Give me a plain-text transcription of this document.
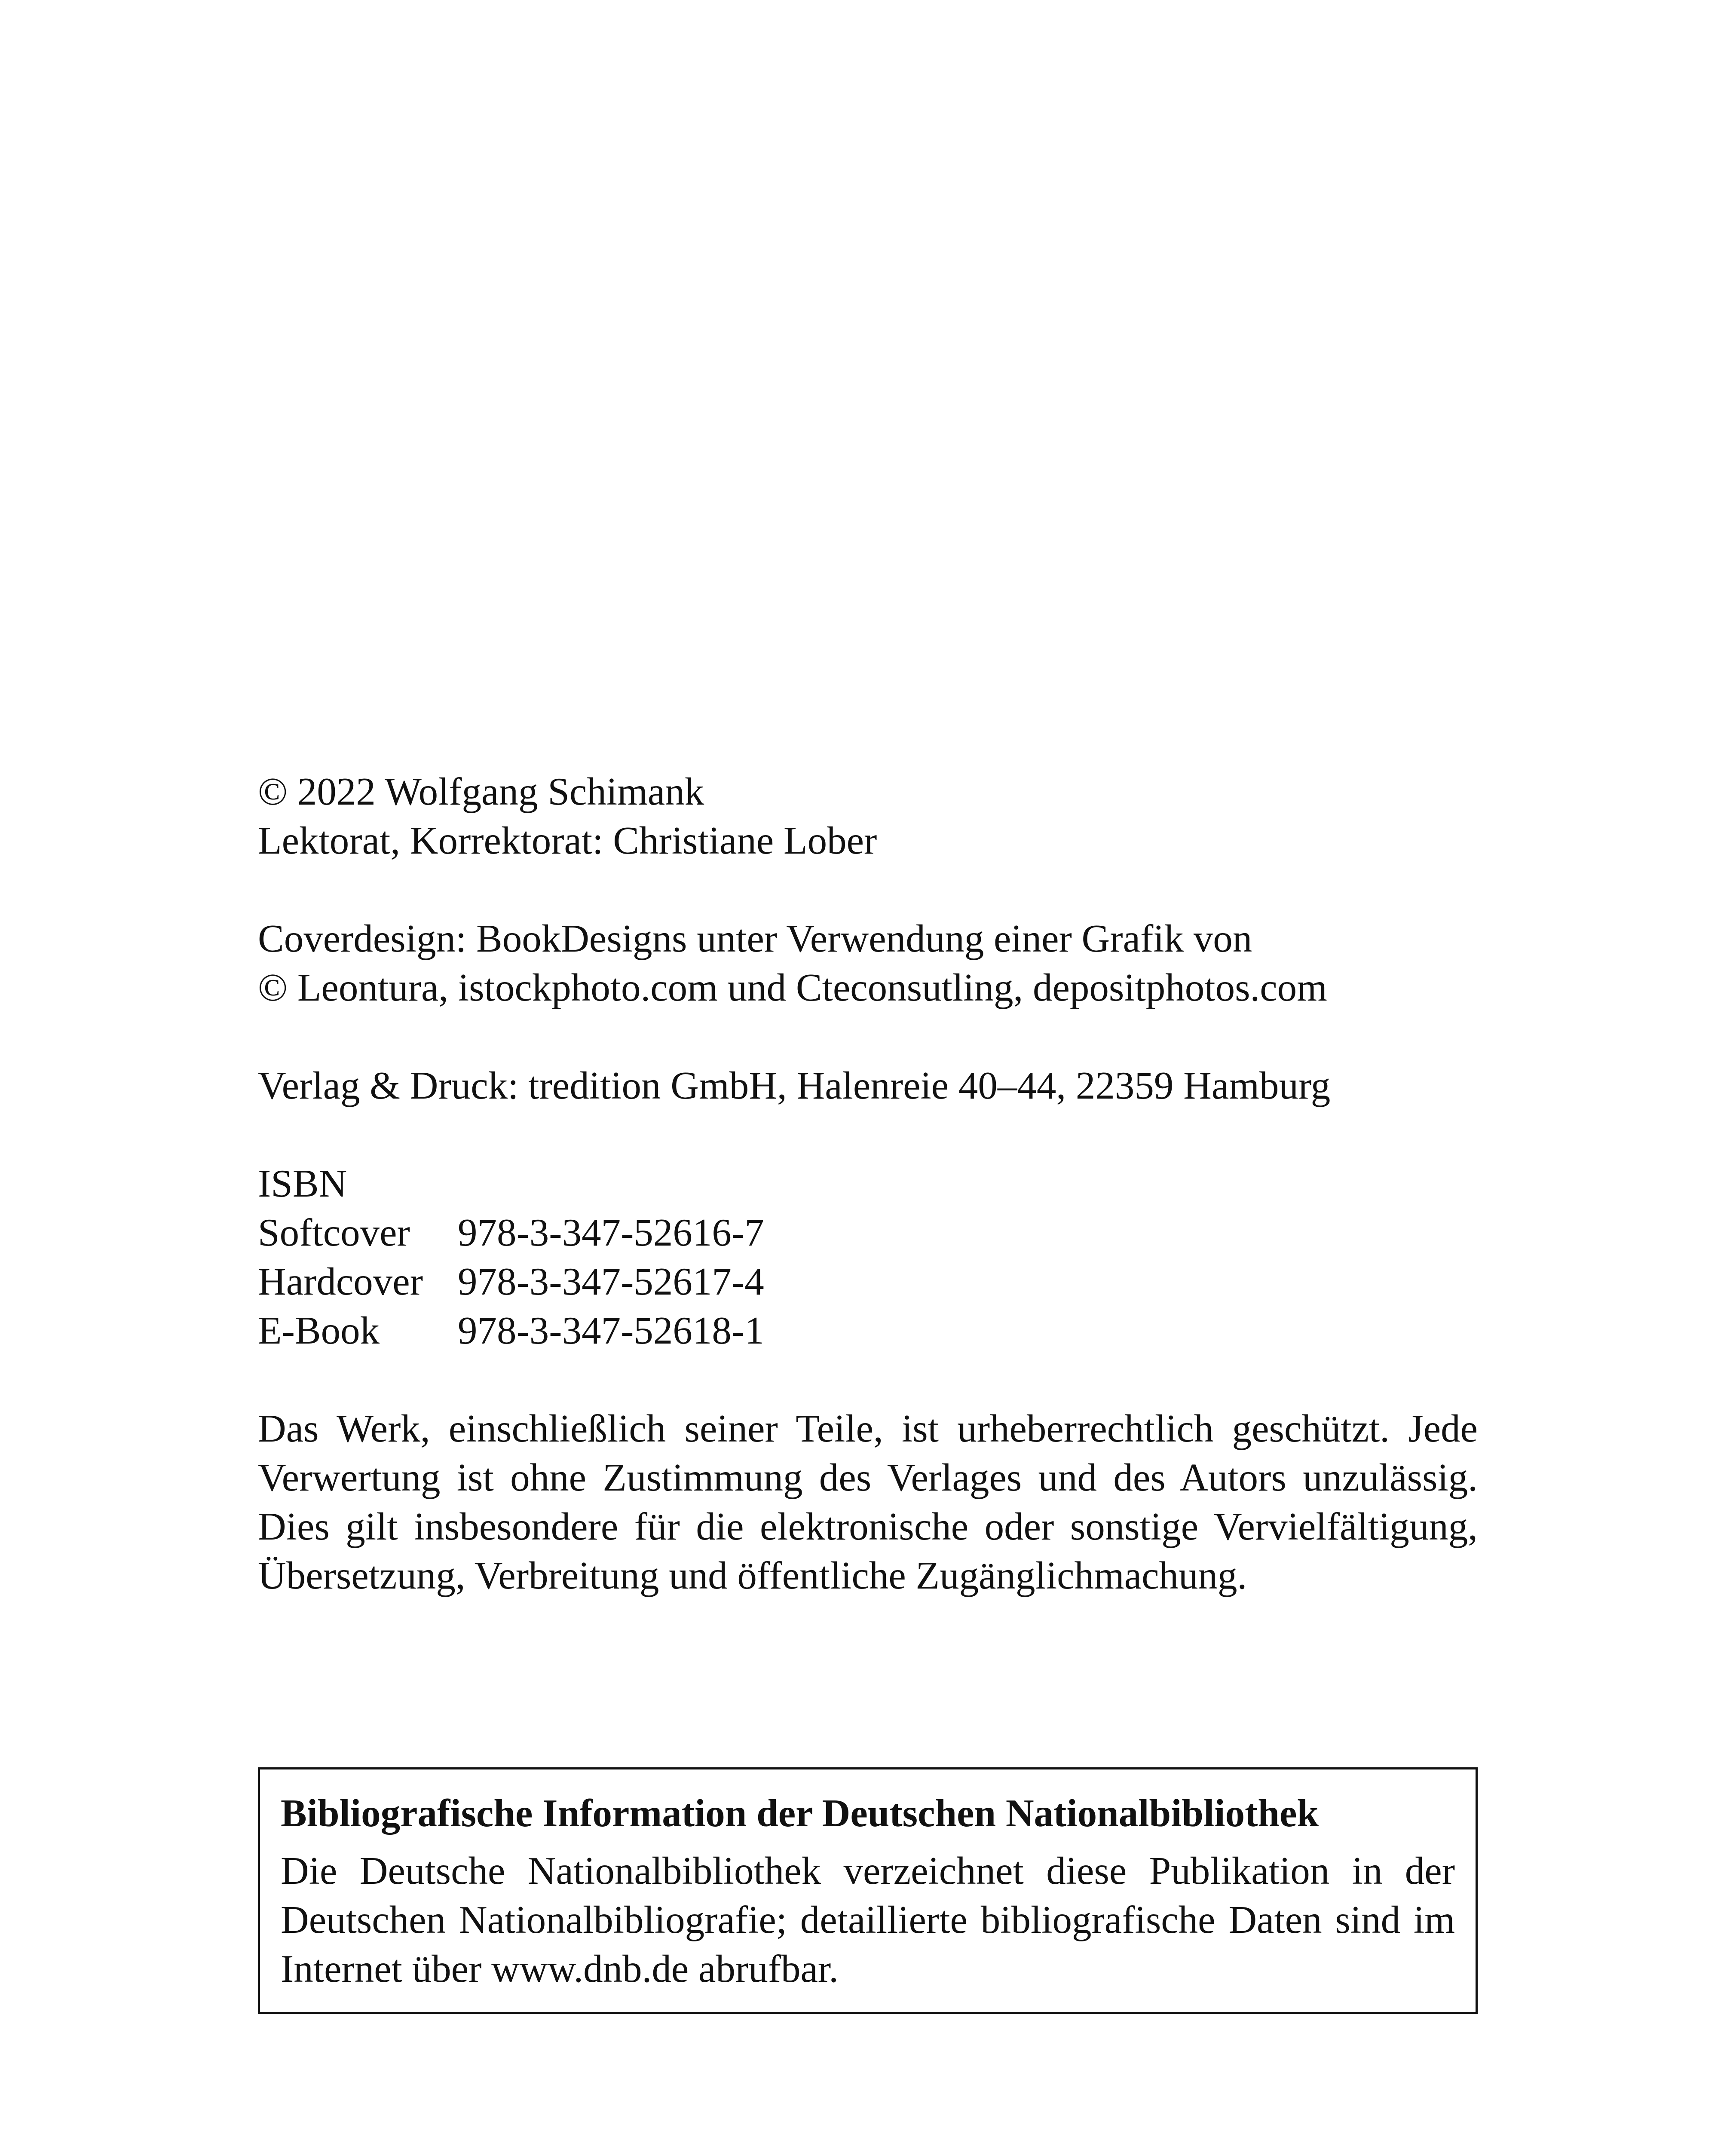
© 2022 Wolfgang Schimank
Lektorat, Korrektorat: Christiane Lober
Coverdesign: BookDesigns unter Verwendung einer Grafik von
© Leontura, istockphoto.com und Cteconsutling, depositphotos.com
Verlag & Druck: tredition GmbH, Halenreie 40–44, 22359 Hamburg
ISBN
Softcover	978-3-347-52616-7
Hardcover 978-3-347-52617-4
E-Book	978-3-347-52618-1
Das Werk, einschließlich seiner Teile, ist urheberrechtlich geschützt. Jede Verwertung ist ohne Zustimmung des Verlages und des Autors unzulässig. Dies gilt insbesondere für die elektronische oder sonstige Vervielfältigung, Übersetzung, Verbreitung und öffentliche Zugänglichmachung.
Bibliografische Information der Deutschen Nationalbibliothek
Die Deutsche Nationalbibliothek verzeichnet diese Publikation in der Deutschen Nationalbibliografie; detaillierte bibliografische Daten sind im Internet über www.dnb.de abrufbar.
